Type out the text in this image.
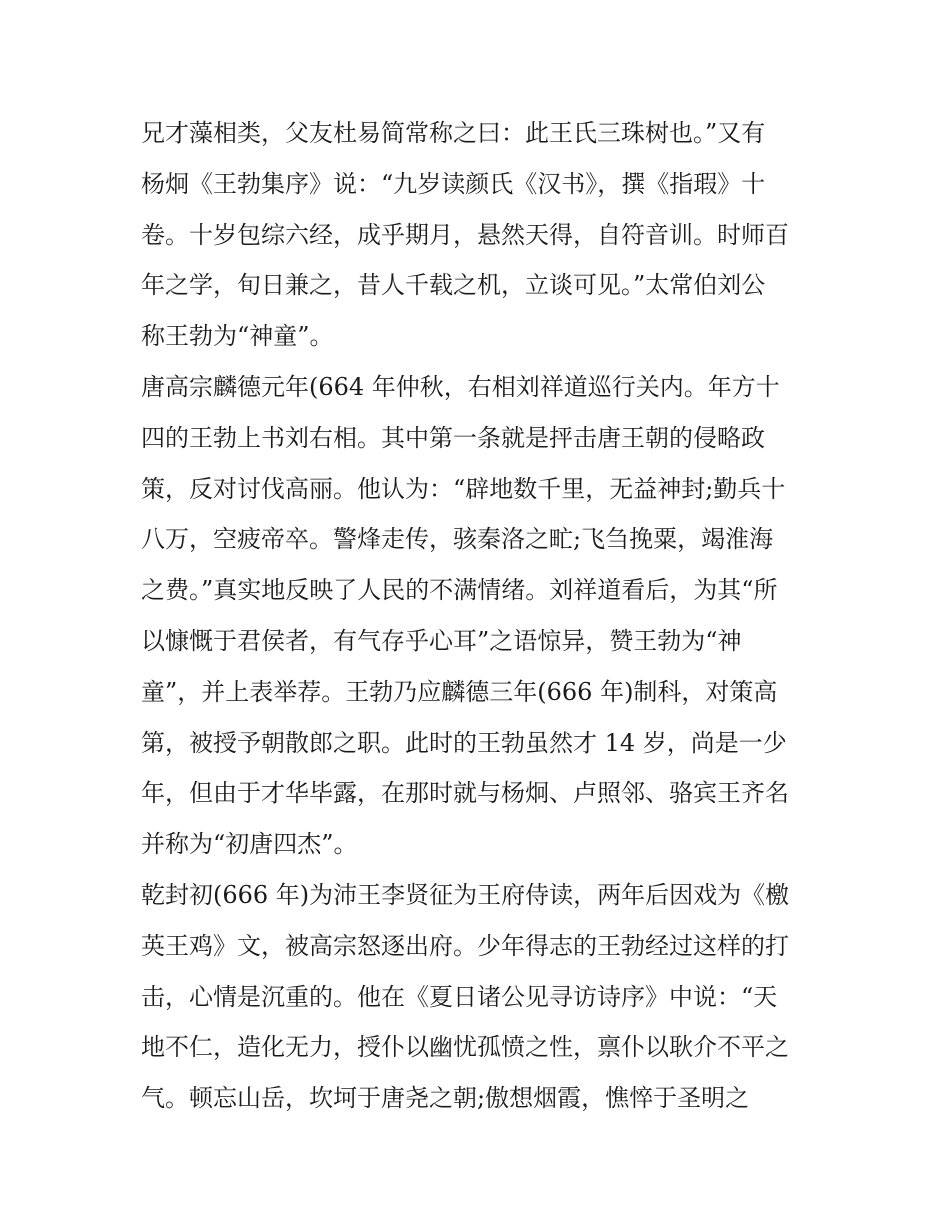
兄才藻相类，父友杜易简常称之曰：此王氏三珠树也。”又有
杨炯《王勃集序》说：“九岁读颜氏《汉书》，撰《指瑕》十
卷。十岁包综六经，成乎期月，悬然天得，自符音训。时师百
年之学，旬日兼之，昔人千载之机，立谈可见。”太常伯刘公
称王勃为“神童”。
唐高宗麟德元年(664 年仲秋，右相刘祥道巡行关内。年方十
四的王勃上书刘右相。其中第一条就是抨击唐王朝的侵略政
策，反对讨伐高丽。他认为：“辟地数千里，无益神封;勤兵十
八万，空疲帝卒。警烽走传，骇秦洛之甿;飞刍挽粟，竭淮海
之费。”真实地反映了人民的不满情绪。刘祥道看后，为其“所
以慷慨于君侯者，有气存乎心耳”之语惊异，赞王勃为“神
童”，并上表举荐。王勃乃应麟德三年(666 年)制科，对策高
第，被授予朝散郎之职。此时的王勃虽然才 14 岁，尚是一少
年，但由于才华毕露，在那时就与杨炯、卢照邻、骆宾王齐名
并称为“初唐四杰”。
乾封初(666 年)为沛王李贤征为王府侍读，两年后因戏为《檄
英王鸡》文，被高宗怒逐出府。少年得志的王勃经过这样的打
击，心情是沉重的。他在《夏日诸公见寻访诗序》中说：“天
地不仁，造化无力，授仆以幽忧孤愤之性，禀仆以耿介不平之
气。顿忘山岳，坎坷于唐尧之朝;傲想烟霞，憔悴于圣明之
